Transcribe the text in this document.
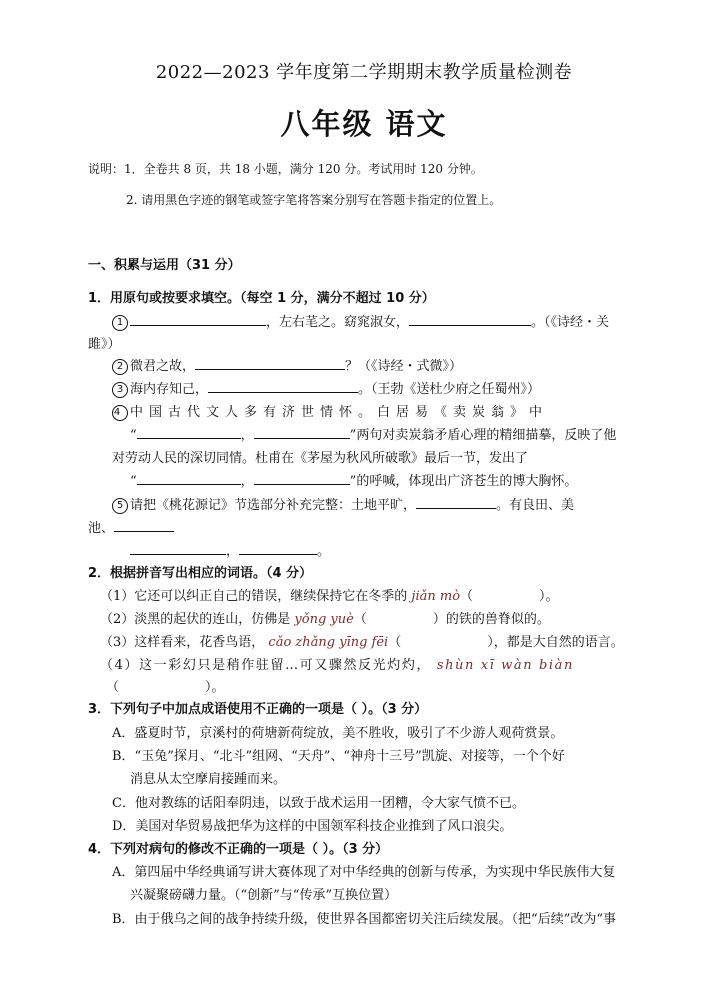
2022—2023 学年度第二学期期末教学质量检测卷
八年级 语文
说明：1．全卷共 8 页，共 18 小题，满分 120 分。考试用时 120 分钟。
2. 请用黑色字迹的钢笔或签字笔将答案分别写在答题卡指定的位置上。
一、积累与运用（31 分）
1．用原句或按要求填空。（每空 1 分，满分不超过 10 分）
1	，左右芼之。窈窕淑女，	。（《诗经・关
雎》）
2 微君之故，	？（《诗经・式微》）
3 海内存知己，	。（王勃《送杜少府之任蜀州》）
4 中国古代文人多有济世情怀。白居易《卖炭翁》中
“	，	”两句对卖炭翁矛盾心理的精细描摹，反映了他
对劳动人民的深切同情。杜甫在《茅屋为秋风所破歌》最后一节，发出了
“	，	”的呼喊，体现出广济苍生的博大胸怀。
5 请把《桃花源记》节选部分补充完整：土地平旷，	。有良田、美
池、
，	。
2．根据拼音写出相应的词语。（4 分）
（1）它还可以纠正自己的错误，继续保持它在冬季的 jiǎn mò（	）。
（2）淡黑的起伏的连山，仿佛是 yǒng yuè（	）的铁的兽脊似的。
（3）这样看来，花香鸟语， cǎo zhǎng yīng fēi（	），都是大自然的语言。
（4）这一彩幻只是稍作驻留…可又骤然反光灼灼， shùn xī wàn biàn
（	）。
3．下列句子中加点成语使用不正确的一项是（ ）。（3 分）
A．盛夏时节，京溪村的荷塘新荷绽放，美不胜收，吸引了不少游人观荷赏景。
B．“玉兔”探月、“北斗”组网、“天舟”、“神舟十三号”凯旋、对接等，一个个好
消息从太空摩肩接踵而来。
C．他对教练的话阳奉阴违，以致于战术运用一团糟，令大家气愤不已。
D．美国对华贸易战把华为这样的中国领军科技企业推到了风口浪尖。
4．下列对病句的修改不正确的一项是（ ）。（3 分）
A．第四届中华经典诵写讲大赛体现了对中华经典的创新与传承，为实现中华民族伟大复
兴凝聚磅礴力量。（“创新”与“传承”互换位置）
B．由于俄乌之间的战争持续升级，使世界各国都密切关注后续发展。（把“后续”改为“事
